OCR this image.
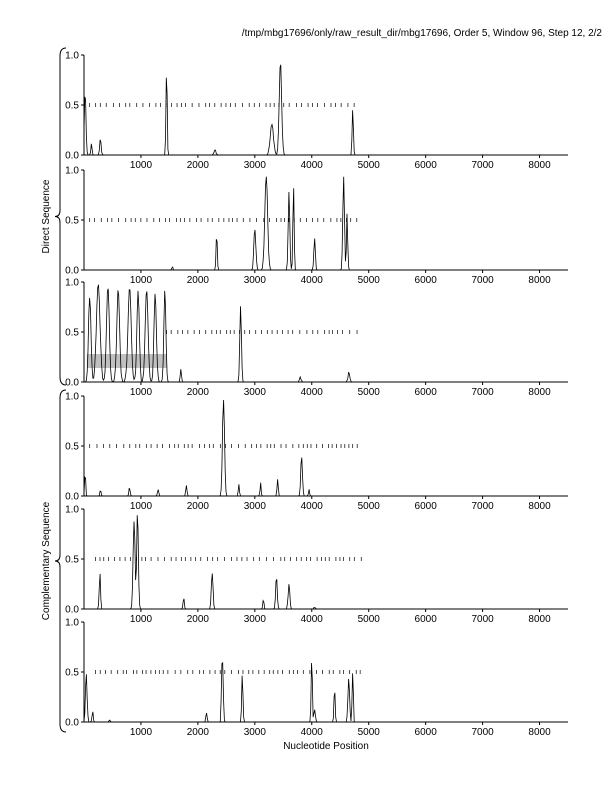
/tmp/mbg17696/only/raw_result_dir/mbg17696, Order 5, Window 96, Step 12, 2/2
0.0
0.5
1.0
1000	2000	3000	4000	5000	6000	7000	8000
0.0
0.5
1.0
1000	2000	3000	4000	5000	6000	7000	8000
0.0
0.5
1.0
1000	2000	3000	4000	5000	6000	7000	8000
0.0
0.5
1.0
1000	2000	3000	4000	5000	6000	7000	8000
0.0
0.5
1.0
1000	2000	3000	4000	5000	6000	7000	8000
0.0
0.5
1.0
1000	2000	3000	4000	5000	6000	7000	8000
Direct Sequence
Complementary Sequence
Nucleotide Position
